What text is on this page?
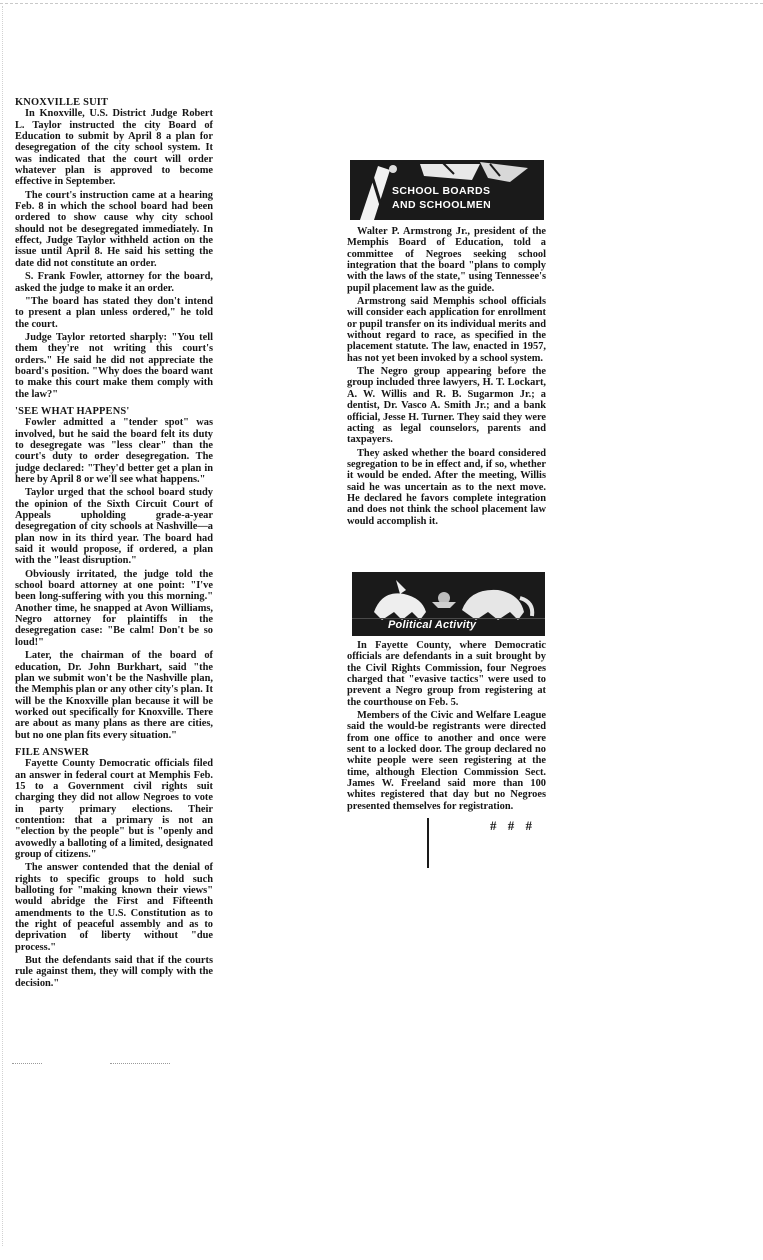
KNOXVILLE SUIT

In Knoxville, U.S. District Judge Robert L. Taylor instructed the city Board of Education to submit by April 8 a plan for desegregation of the city school system. It was indicated that the court will order whatever plan is approved to become effective in September.

The court's instruction came at a hearing Feb. 8 in which the school board had been ordered to show cause why city school should not be desegregated immediately. In effect, Judge Taylor withheld action on the issue until April 8. He said his setting the date did not constitute an order.

S. Frank Fowler, attorney for the board, asked the judge to make it an order.

"The board has stated they don't intend to present a plan unless ordered," he told the court.

Judge Taylor retorted sharply: "You tell them they're not writing this court's orders." He said he did not appreciate the board's position. "Why does the board want to make this court make them comply with the law?"

'SEE WHAT HAPPENS'

Fowler admitted a "tender spot" was involved, but he said the board felt its duty to desegregate was "less clear" than the court's duty to order desegregation. The judge declared: "They'd better get a plan in here by April 8 or we'll see what happens."

Taylor urged that the school board study the opinion of the Sixth Circuit Court of Appeals upholding grade-a-year desegregation of city schools at Nashville—a plan now in its third year. The board had said it would propose, if ordered, a plan with the "least disruption."

Obviously irritated, the judge told the school board attorney at one point: "I've been long-suffering with you this morning." Another time, he snapped at Avon Williams, Negro attorney for plaintiffs in the desegregation case: "Be calm! Don't be so loud!"

Later, the chairman of the board of education, Dr. John Burkhart, said "the plan we submit won't be the Nashville plan, the Memphis plan or any other city's plan. It will be the Knoxville plan because it will be worked out specifically for Knoxville. There are about as many plans as there are cities, but no one plan fits every situation."

FILE ANSWER

Fayette County Democratic officials filed an answer in federal court at Memphis Feb. 15 to a Government civil rights suit charging they did not allow Negroes to vote in party primary elections. Their contention: that a primary is not an "election by the people" but is "openly and avowedly a balloting of a limited, designated group of citizens."

The answer contended that the denial of rights to specific groups to hold such balloting for "making known their views" would abridge the First and Fifteenth amendments to the U.S. Constitution as to the right of peaceful assembly and as to deprivation of liberty without "due process."

But the defendants said that if the courts rule against them, they will comply with the decision."

SCHOOL BOARDS
AND SCHOOLMEN

Walter P. Armstrong Jr., president of the Memphis Board of Education, told a committee of Negroes seeking school integration that the board "plans to comply with the laws of the state," using Tennessee's pupil placement law as the guide.

Armstrong said Memphis school officials will consider each application for enrollment or pupil transfer on its individual merits and without regard to race, as specified in the placement statute. The law, enacted in 1957, has not yet been invoked by a school system.

The Negro group appearing before the group included three lawyers, H. T. Lockart, A. W. Willis and R. B. Sugarmon Jr.; a dentist, Dr. Vasco A. Smith Jr.; and a bank official, Jesse H. Turner. They said they were acting as legal counselors, parents and taxpayers.

They asked whether the board considered segregation to be in effect and, if so, whether it would be ended. After the meeting, Willis said he was uncertain as to the next move. He declared he favors complete integration and does not think the school placement law would accomplish it.

Political Activity

In Fayette County, where Democratic officials are defendants in a suit brought by the Civil Rights Commission, four Negroes charged that "evasive tactics" were used to prevent a Negro group from registering at the courthouse on Feb. 5.

Members of the Civic and Welfare League said the would-be registrants were directed from one office to another and once were sent to a locked door. The group declared no white people were seen registering at the time, although Election Commission Sect. James W. Freeland said more than 100 whites registered that day but no Negroes presented themselves for registration.

# # #
